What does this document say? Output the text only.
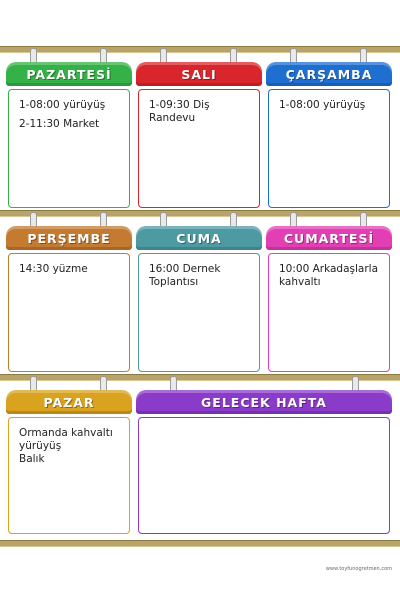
PAZARTESİ
1-08:00 yürüyüş
2-11:30 Market
SALI
1-09:30 Diş Randevu
ÇARŞAMBA
1-08:00 yürüyüş
PERŞEMBE
14:30 yüzme
CUMA
16:00 Dernek Toplantısı
CUMARTESİ
10:00 Arkadaşlarla kahvaltı
PAZAR
Ormanda kahvaltı
yürüyüş
Balık
GELECEK HAFTA
www.toyfunogretmen.com
